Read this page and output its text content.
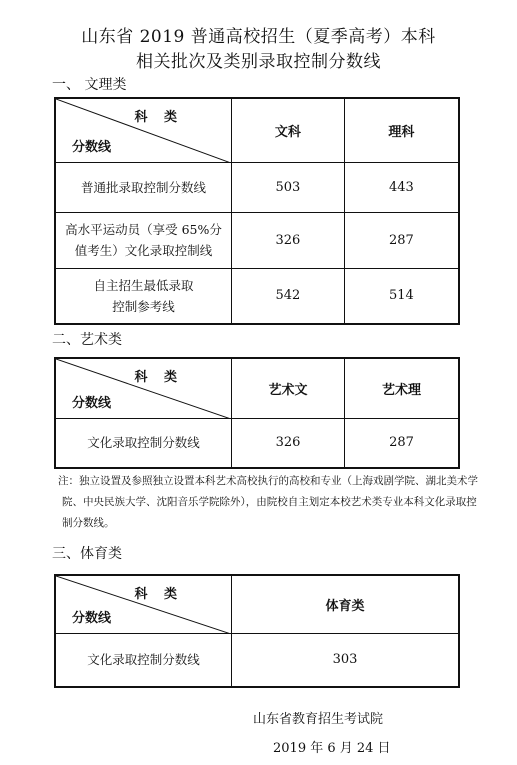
山东省 2019 普通高校招生（夏季高考）本科
相关批次及类别录取控制分数线
一、 文理类
科 类
分数线	文科	理科
普通批录取控制分数线	503	443

高水平运动员（享受 65%分
值考生）文化录取控制线	326	287

自主招生最低录取
控制参考线	542	514
二、艺术类
科 类
分数线	艺术文	艺术理
文化录取控制分数线	326	287
注：独立设置及参照独立设置本科艺术高校执行的高校和专业（上海戏剧学院、湖北美术学院、中央民族大学、沈阳音乐学院除外），由院校自主划定本校艺术类专业本科文化录取控制分数线。
三、体育类
科 类
分数线	体育类
文化录取控制分数线	303
山东省教育招生考试院
2019 年 6 月 24 日
